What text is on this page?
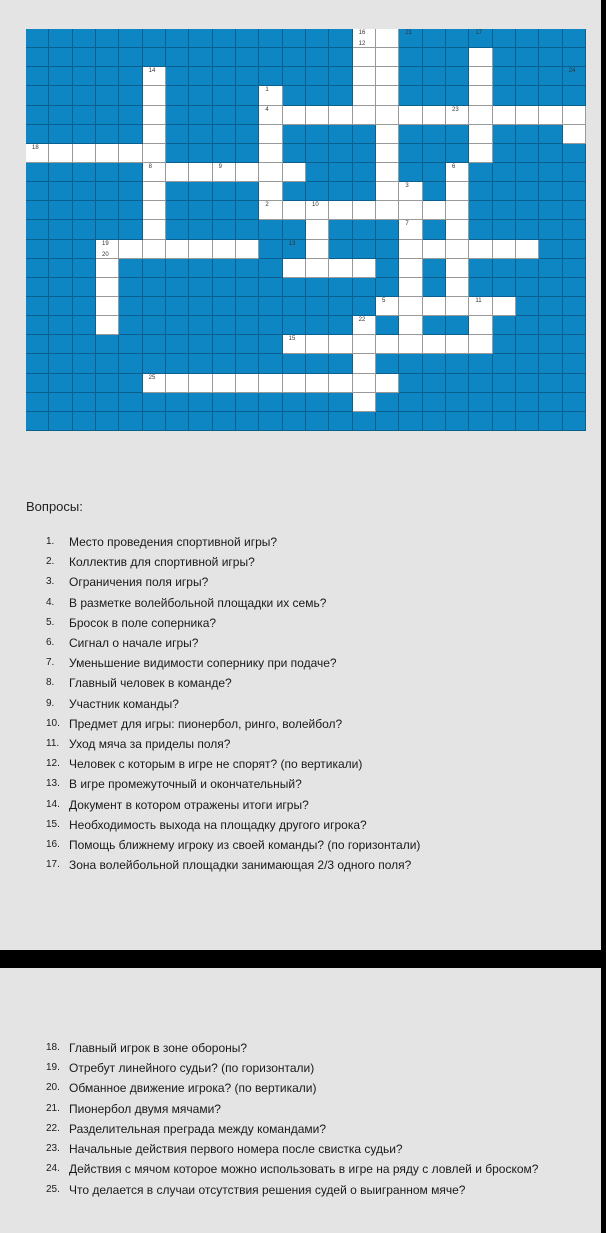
16
12
21	17
14	24
1
4	23
18
8	9	6
3
2	10
7
19
20
13
5	11
22
15
25
Вопросы:
1.	Место проведения спортивной игры?
2.	Коллектив для спортивной игры?
3.	Ограничения поля игры?
4.	В разметке волейбольной площадки их семь?
5.	Бросок в поле соперника?
6.	Сигнал о начале игры?
7.	Уменьшение видимости сопернику при подаче?
8.	Главный человек в команде?
9.	Участник команды?
10. Предмет для игры: пионербол, ринго, волейбол?
11. Уход мяча за приделы поля?
12. Человек с которым в игре не спорят? (по вертикали)
13. В игре промежуточный и окончательный?
14. Документ в котором отражены итоги игры?
15. Необходимость выхода на площадку другого игрока?
16. Помощь ближнему игроку из своей команды? (по горизонтали)
17. Зона волейбольной площадки занимающая 2/3 одного поля?
18. Главный игрок в зоне обороны?
19. Отребут линейного судьи? (по горизонтали)
20. Обманное движение игрока? (по вертикали)
21. Пионербол двумя мячами?
22. Разделительная преграда между командами?
23. Начальные действия первого номера после свистка судьи?
24. Действия с мячом которое можно использовать в игре на ряду с ловлей и броском?
25. Что делается в случаи отсутствия решения судей о выигранном мяче?
